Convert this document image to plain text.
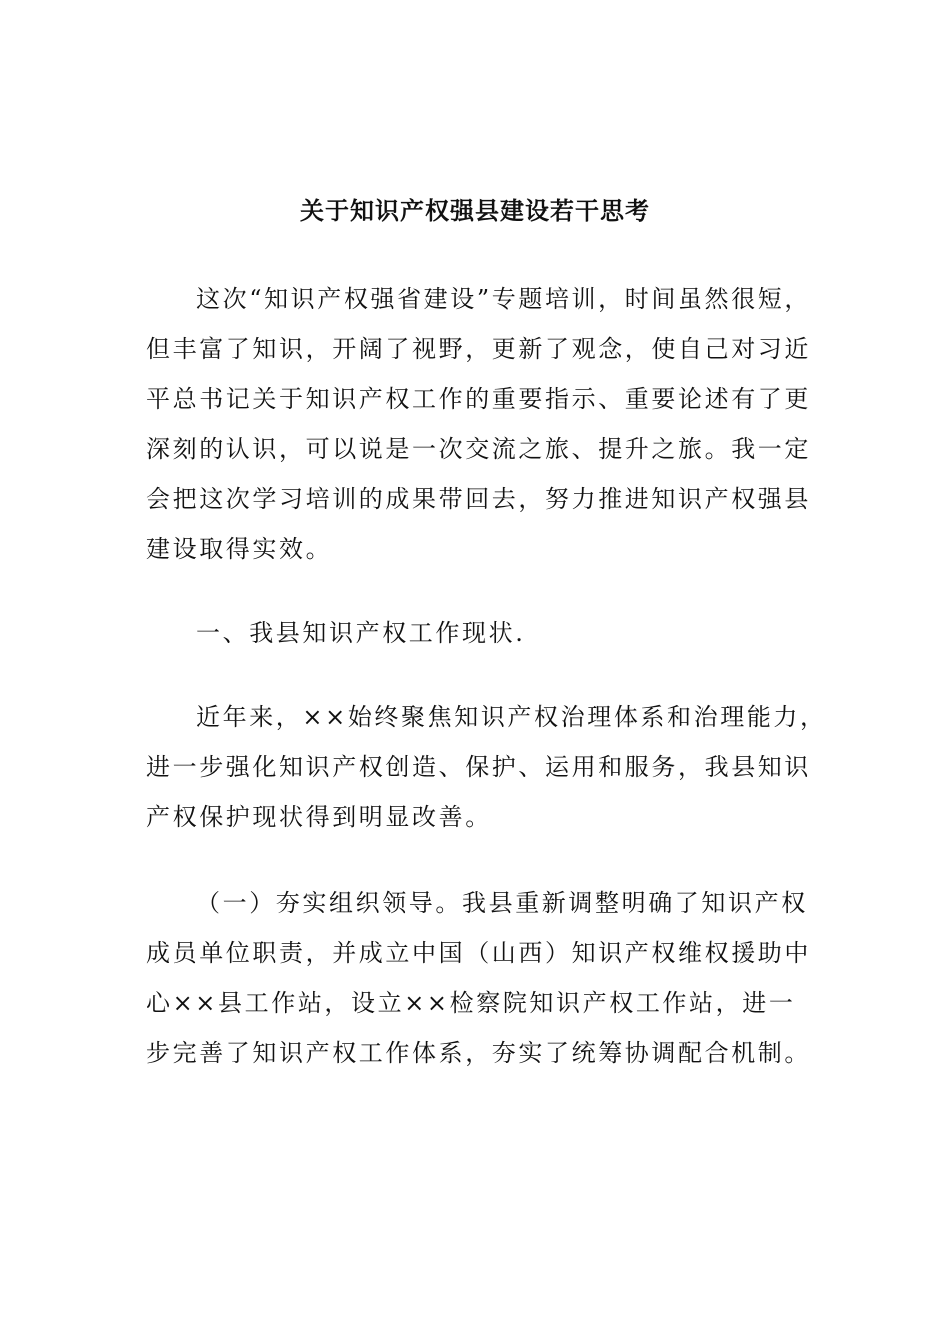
关于知识产权强县建设若干思考
这次“知识产权强省建设”专题培训，时间虽然很短，
但丰富了知识，开阔了视野，更新了观念，使自己对习近
平总书记关于知识产权工作的重要指示、重要论述有了更
深刻的认识，可以说是一次交流之旅、提升之旅。我一定
会把这次学习培训的成果带回去，努力推进知识产权强县
建设取得实效。
一、我县知识产权工作现状.
近年来，××始终聚焦知识产权治理体系和治理能力，
进一步强化知识产权创造、保护、运用和服务，我县知识
产权保护现状得到明显改善。
（一）夯实组织领导。我县重新调整明确了知识产权
成员单位职责，并成立中国（山西）知识产权维权援助中
心××县工作站，设立××检察院知识产权工作站，进一
步完善了知识产权工作体系，夯实了统筹协调配合机制。
